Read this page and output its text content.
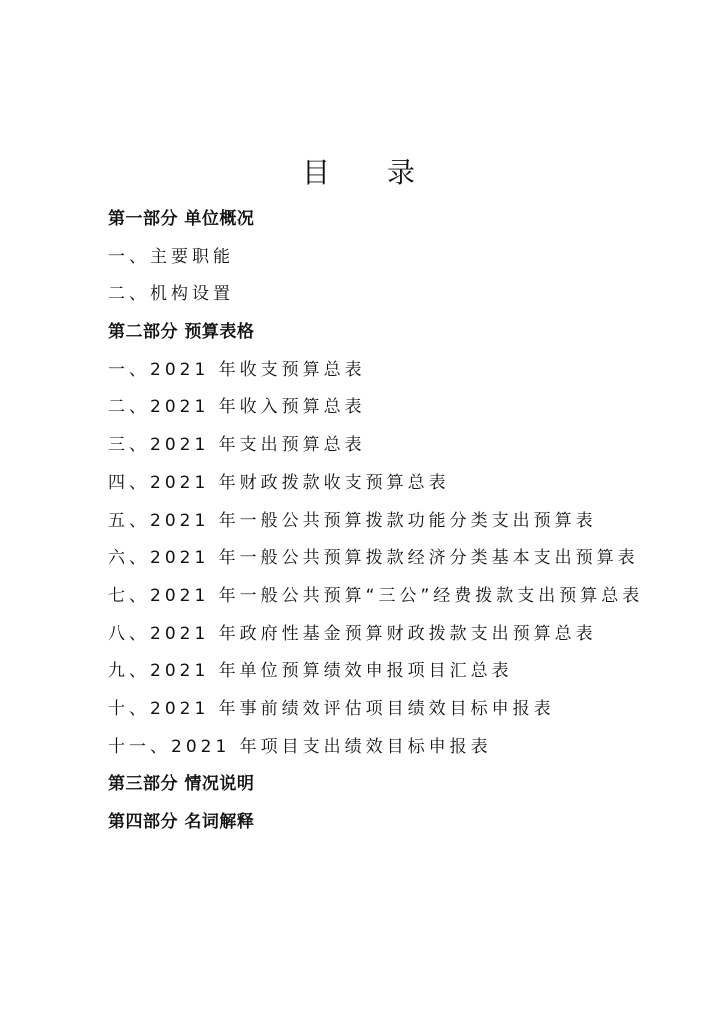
目 录
第一部分 单位概况
一、主要职能
二、机构设置
第二部分 预算表格
一、2021 年收支预算总表
二、2021 年收入预算总表
三、2021 年支出预算总表
四、2021 年财政拨款收支预算总表
五、2021 年一般公共预算拨款功能分类支出预算表
六、2021 年一般公共预算拨款经济分类基本支出预算表
七、2021 年一般公共预算“三公”经费拨款支出预算总表
八、2021 年政府性基金预算财政拨款支出预算总表
九、2021 年单位预算绩效申报项目汇总表
十、2021 年事前绩效评估项目绩效目标申报表
十一、2021 年项目支出绩效目标申报表
第三部分 情况说明
第四部分 名词解释
